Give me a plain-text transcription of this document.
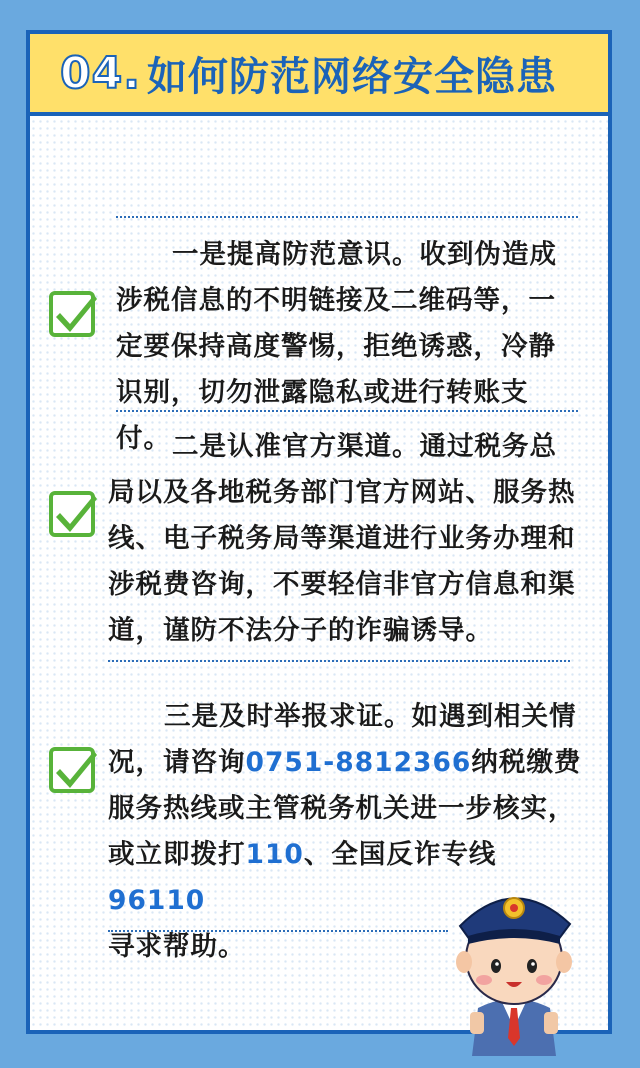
04. 如何防范网络安全隐患
一是提高防范意识。收到伪造成涉税信息的不明链接及二维码等，一定要保持高度警惕，拒绝诱惑，冷静识别，切勿泄露隐私或进行转账支付。 二是认准官方渠道。通过税务总局以及各地税务部门官方网站、服务热线、电子税务局等渠道进行业务办理和涉税费咨询，不要轻信非官方信息和渠道，谨防不法分子的诈骗诱导。
三是及时举报求证。如遇到相关情况，请咨询0751-8812366纳税缴费服务热线或主管税务机关进一步核实，或立即拨打110、全国反诈专线96110
寻求帮助。
